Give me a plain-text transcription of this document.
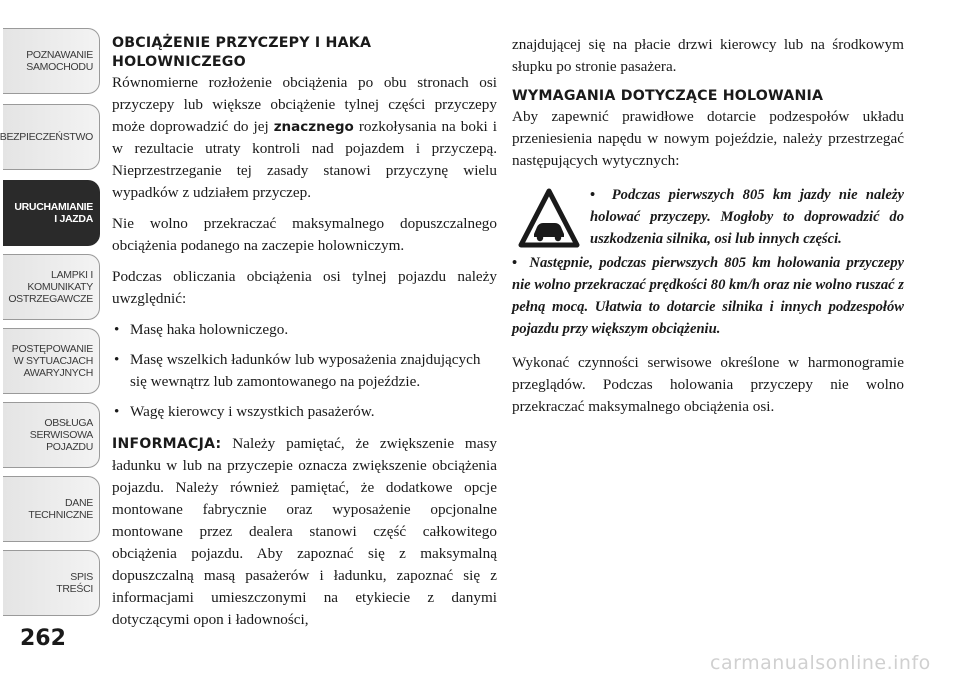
POZNAWANIE
SAMOCHODU
BEZPIECZEŃSTWO
URUCHAMIANIE
I JAZDA
LAMPKI I
KOMUNIKATY
OSTRZEGAWCZE
POSTĘPOWANIE
W SYTUACJACH
AWARYJNYCH
OBSŁUGA
SERWISOWA
POJAZDU
DANE
TECHNICZNE
SPIS
TREŚCI
262
OBCIĄŻENIE PRZYCZEPY I HAKA
HOLOWNICZEGO

Równomierne rozłożenie obciążenia po obu stronach osi przyczepy lub większe obciążenie tylnej części przyczepy może doprowadzić do jej znacznego rozkołysania na boki i w rezultacie utraty kontroli nad pojazdem i przyczepą. Nieprzestrzeganie tej zasady stanowi przyczynę wielu wypadków z udziałem przyczep.

Nie wolno przekraczać maksymalnego dopuszczalnego obciążenia podanego na zaczepie holowniczym.

Podczas obliczania obciążenia osi tylnej pojazdu należy uwzględnić:

• Masę haka holowniczego.
• Masę wszelkich ładunków lub wyposażenia znajdujących się wewnątrz lub zamontowanego na pojeździe.
• Wagę kierowcy i wszystkich pasażerów.

INFORMACJA: Należy pamiętać, że zwiększenie masy ładunku w lub na przyczepie oznacza zwiększenie obciążenia pojazdu. Należy również pamiętać, że dodatkowe opcje montowane fabrycznie oraz wyposażenie opcjonalne montowane przez dealera stanowi część całkowitego obciążenia pojazdu. Aby zapoznać się z maksymalną dopuszczalną masą pasażerów i ładunku, zapoznać się z informacjami umieszczonymi na etykiecie z danymi dotyczącymi opon i ładowności,

znajdującej się na płacie drzwi kierowcy lub na środkowym słupku po stronie pasażera.

WYMAGANIA DOTYCZĄCE HOLOWANIA

Aby zapewnić prawidłowe dotarcie podzespołów układu przeniesienia napędu w nowym pojeździe, należy przestrzegać następujących wytycznych:

• Podczas pierwszych 805 km jazdy nie należy holować przyczepy. Mogłoby to doprowadzić do uszkodzenia silnika, osi lub innych części.
• Następnie, podczas pierwszych 805 km holowania przyczepy nie wolno przekraczać prędkości 80 km/h oraz nie wolno ruszać z pełną mocą. Ułatwia to dotarcie silnika i innych podzespołów pojazdu przy większym obciążeniu.

Wykonać czynności serwisowe określone w harmonogramie przeglądów. Podczas holowania przyczepy nie wolno przekraczać maksymalnego obciążenia osi.

carmanualsonline.info
